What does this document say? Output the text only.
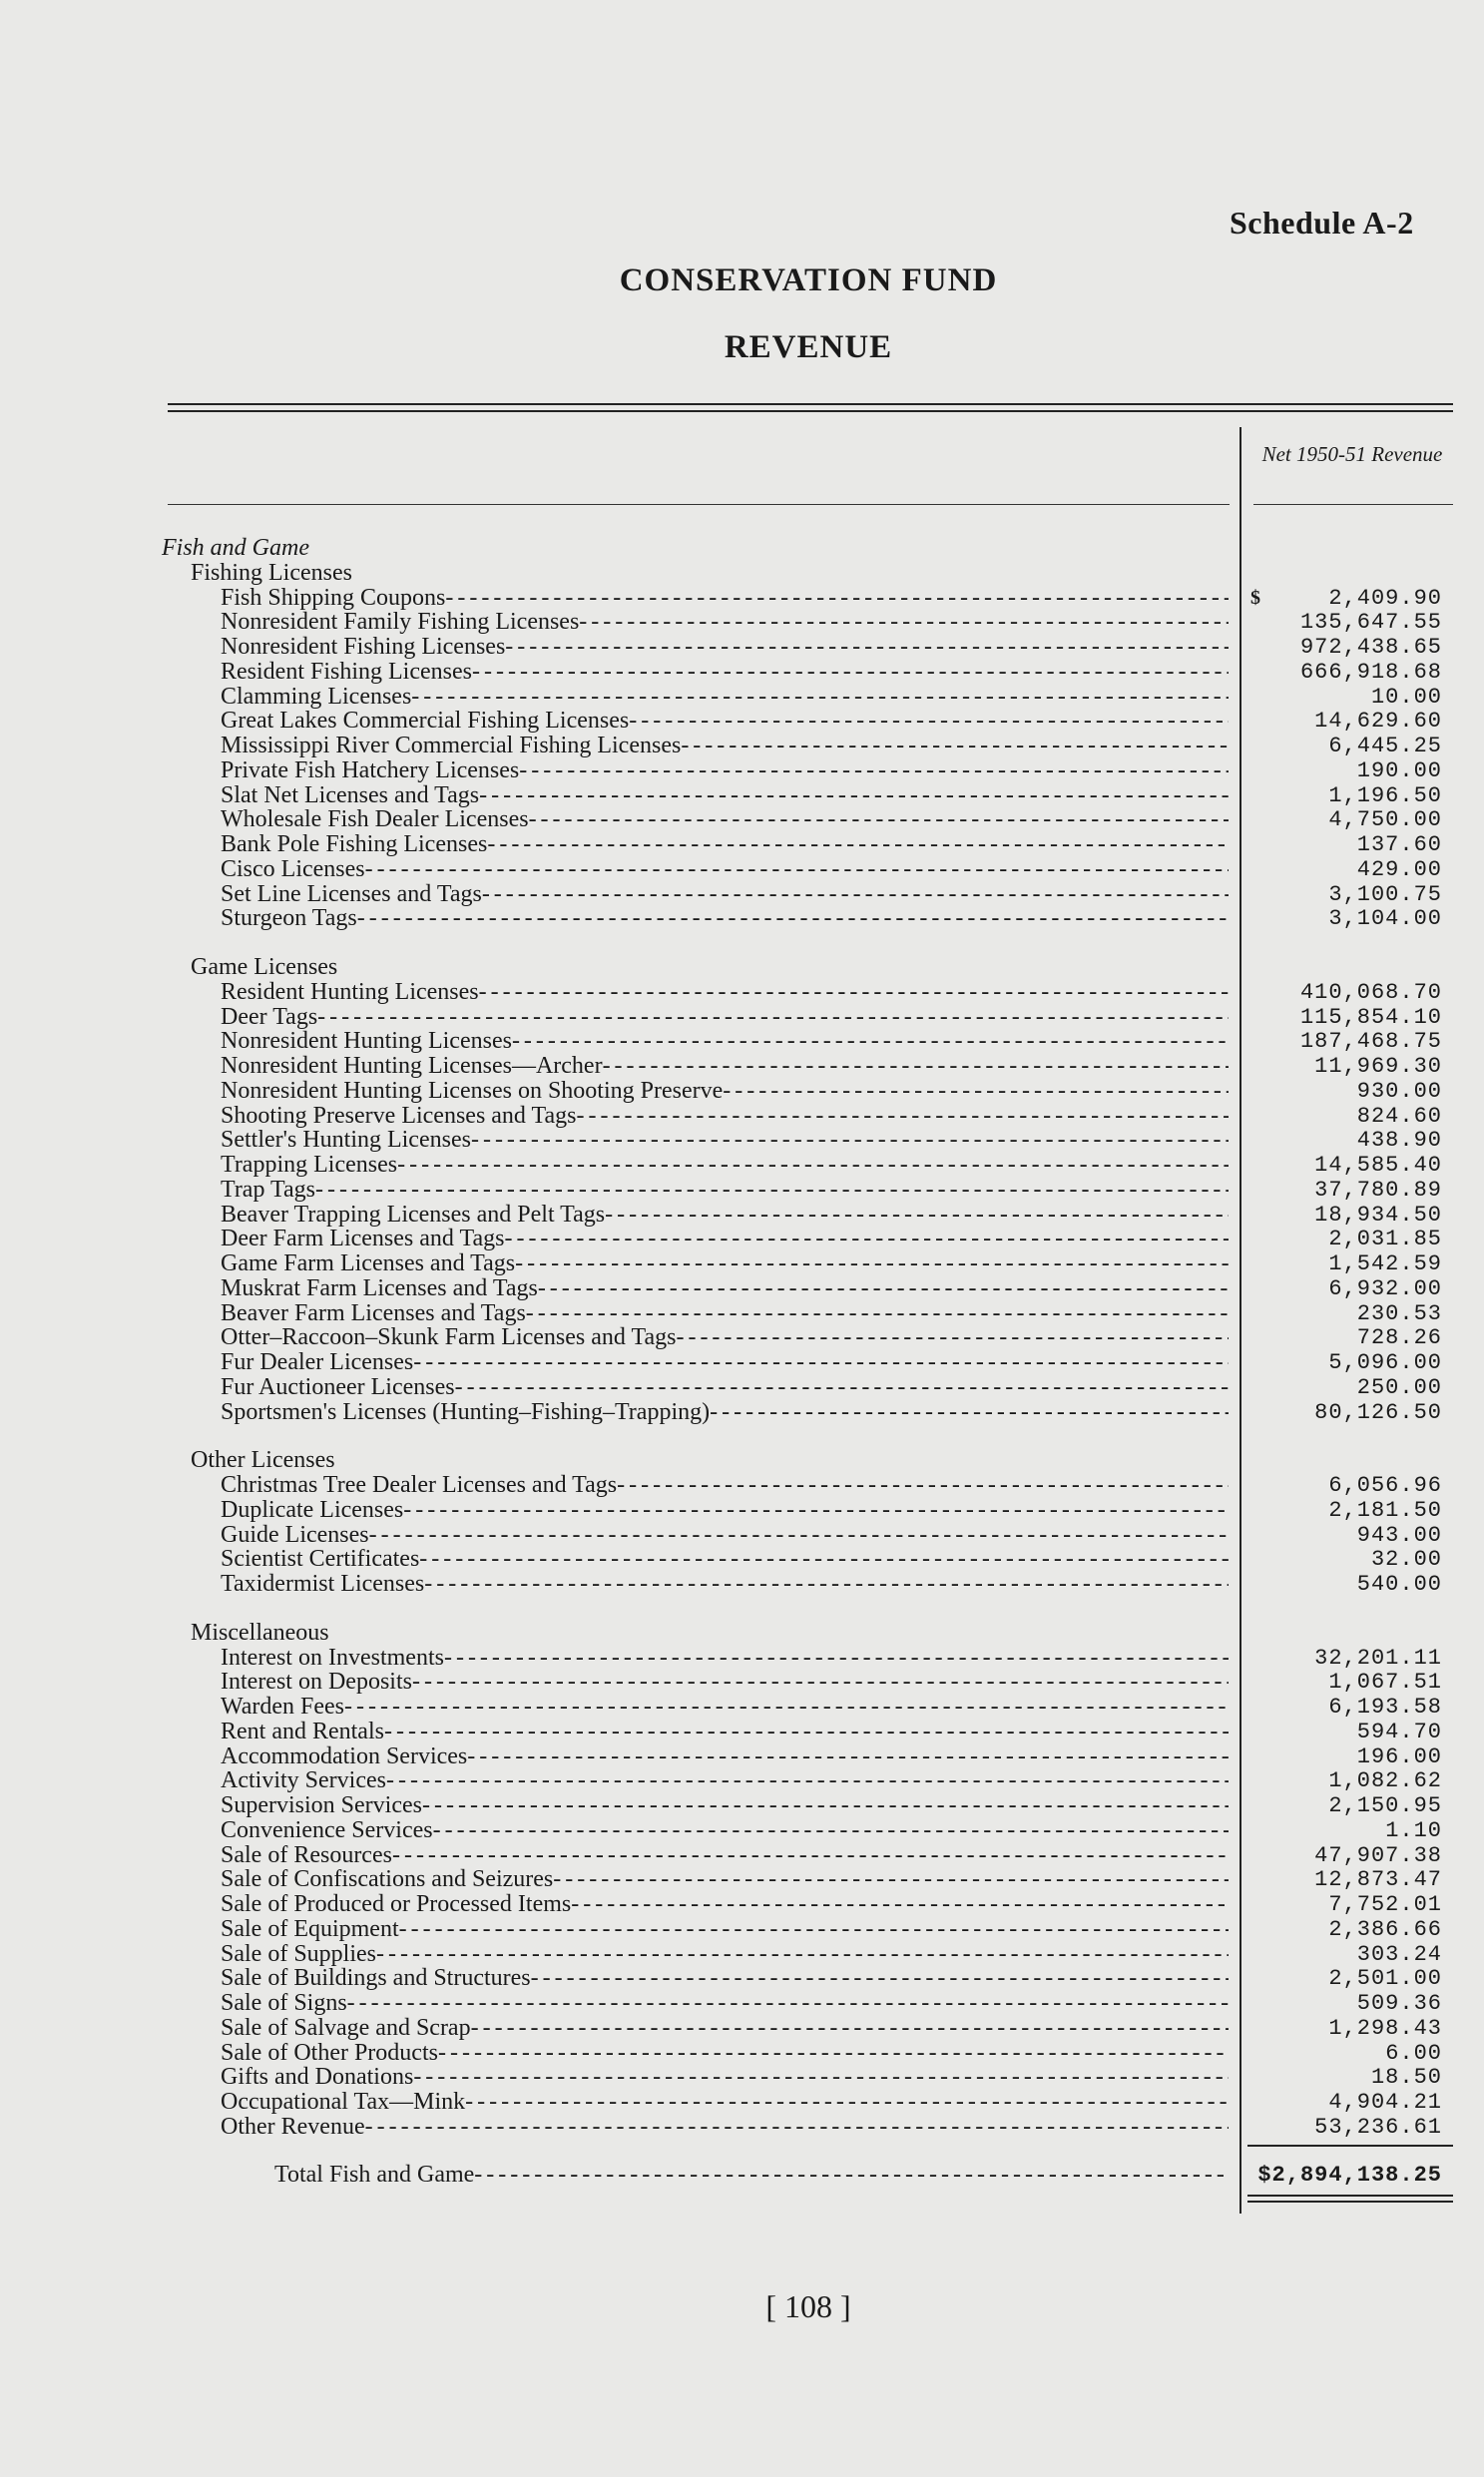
Schedule A-2
CONSERVATION FUND
REVENUE
Net 1950-51 Revenue
Fish and Game
Fishing Licenses
Fish Shipping Coupons - - -	$	2,409.90
Nonresident Family Fishing Licenses - - -	135,647.55
Nonresident Fishing Licenses - - -	972,438.65
Resident Fishing Licenses - - -	666,918.68
Clamming Licenses - - -	10.00
Great Lakes Commercial Fishing Licenses - - -	14,629.60
Mississippi River Commercial Fishing Licenses - - -	6,445.25
Private Fish Hatchery Licenses - - -	190.00
Slat Net Licenses and Tags - - -	1,196.50
Wholesale Fish Dealer Licenses - - -	4,750.00
Bank Pole Fishing Licenses - - -	137.60
Cisco Licenses - - -	429.00
Set Line Licenses and Tags - - -	3,100.75
Sturgeon Tags - - -	3,104.00
Game Licenses
Resident Hunting Licenses - - -	410,068.70
Deer Tags - - -	115,854.10
Nonresident Hunting Licenses - - -	187,468.75
Nonresident Hunting Licenses—Archer - - -	11,969.30
Nonresident Hunting Licenses on Shooting Preserve - - -	930.00
Shooting Preserve Licenses and Tags - - -	824.60
Settler's Hunting Licenses - - -	438.90
Trapping Licenses - - -	14,585.40
Trap Tags - - -	37,780.89
Beaver Trapping Licenses and Pelt Tags - - -	18,934.50
Deer Farm Licenses and Tags - - -	2,031.85
Game Farm Licenses and Tags - - -	1,542.59
Muskrat Farm Licenses and Tags - - -	6,932.00
Beaver Farm Licenses and Tags - - -	230.53
Otter–Raccoon–Skunk Farm Licenses and Tags - - -	728.26
Fur Dealer Licenses - - -	5,096.00
Fur Auctioneer Licenses - - -	250.00
Sportsmen's Licenses (Hunting–Fishing–Trapping) - - -	80,126.50
Other Licenses
Christmas Tree Dealer Licenses and Tags - - -	6,056.96
Duplicate Licenses - - -	2,181.50
Guide Licenses - - -	943.00
Scientist Certificates - - -	32.00
Taxidermist Licenses - - -	540.00
Miscellaneous
Interest on Investments - - -	32,201.11
Interest on Deposits - - -	1,067.51
Warden Fees - - -	6,193.58
Rent and Rentals - - -	594.70
Accommodation Services - - -	196.00
Activity Services - - -	1,082.62
Supervision Services - - -	2,150.95
Convenience Services - - -	1.10
Sale of Resources - - -	47,907.38
Sale of Confiscations and Seizures - - -	12,873.47
Sale of Produced or Processed Items - - -	7,752.01
Sale of Equipment - - -	2,386.66
Sale of Supplies - - -	303.24
Sale of Buildings and Structures - - -	2,501.00
Sale of Signs - - -	509.36
Sale of Salvage and Scrap - - -	1,298.43
Sale of Other Products - - -	6.00
Gifts and Donations - - -	18.50
Occupational Tax—Mink - - -	4,904.21
Other Revenue - - -	53,236.61
Total Fish and Game - - -	$2,894,138.25
[ 108 ]
